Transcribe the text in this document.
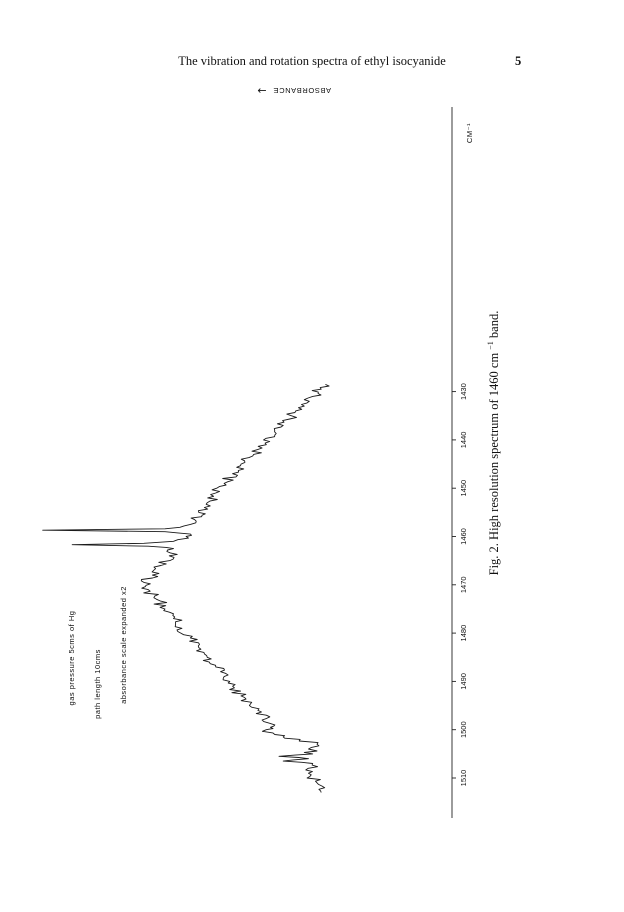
The vibration and rotation spectra of ethyl isocyanide	5
← ABSORBANCE
1510
1500
1490
1480
1470
1460
1450
1440
1430
CM⁻¹
Fig. 2. High resolution spectrum of 1460 cm $^{-1}$ band.
gas pressure 5cms of Hg path length 10cms absorbance scale expanded x2
